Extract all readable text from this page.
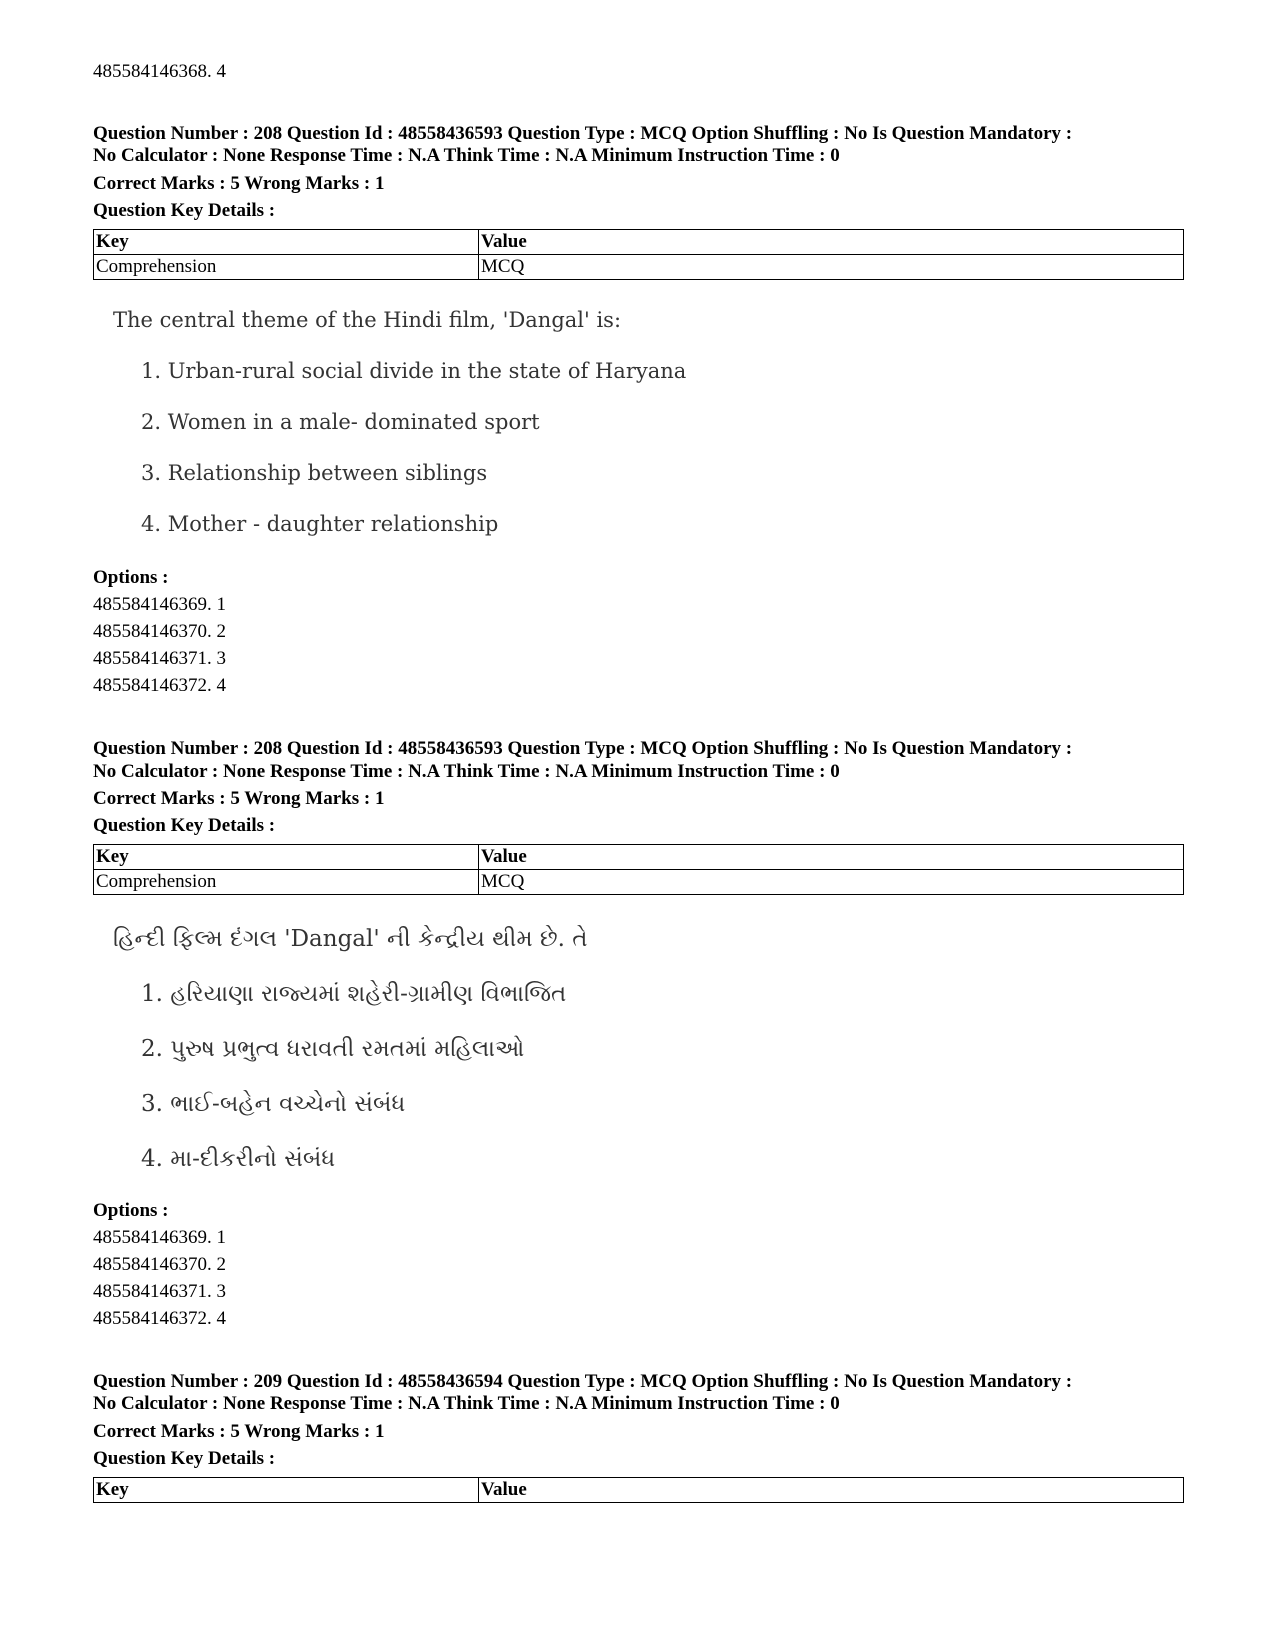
485584146368. 4
Question Number : 208 Question Id : 48558436593 Question Type : MCQ Option Shuffling : No Is Question Mandatory :
No Calculator : None Response Time : N.A Think Time : N.A Minimum Instruction Time : 0
Correct Marks : 5 Wrong Marks : 1
Question Key Details :
Key	Value
Comprehension	MCQ
The central theme of the Hindi film, 'Dangal' is:
1. Urban-rural social divide in the state of Haryana
2. Women in a male- dominated sport
3. Relationship between siblings
4. Mother - daughter relationship
Options :
485584146369. 1
485584146370. 2
485584146371. 3
485584146372. 4
Question Number : 208 Question Id : 48558436593 Question Type : MCQ Option Shuffling : No Is Question Mandatory :
No Calculator : None Response Time : N.A Think Time : N.A Minimum Instruction Time : 0
Correct Marks : 5 Wrong Marks : 1
Question Key Details :
Key	Value
Comprehension	MCQ
હિન્દી ફિલ્મ દંગલ 'Dangal' ની કેન્દ્રીય થીમ છે. તે
1. હરિયાણા રાજ્યમાં શહેરી-ગ્રામીણ વિભાજિત
2. પુરુષ પ્રભુત્વ ધરાવતી રમતમાં મહિલાઓ
3. ભાઈ-બહેન વચ્ચેનો સંબંધ
4. મા-દીકરીનો સંબંધ
Options :
485584146369. 1
485584146370. 2
485584146371. 3
485584146372. 4
Question Number : 209 Question Id : 48558436594 Question Type : MCQ Option Shuffling : No Is Question Mandatory :
No Calculator : None Response Time : N.A Think Time : N.A Minimum Instruction Time : 0
Correct Marks : 5 Wrong Marks : 1
Question Key Details :
Key	Value
